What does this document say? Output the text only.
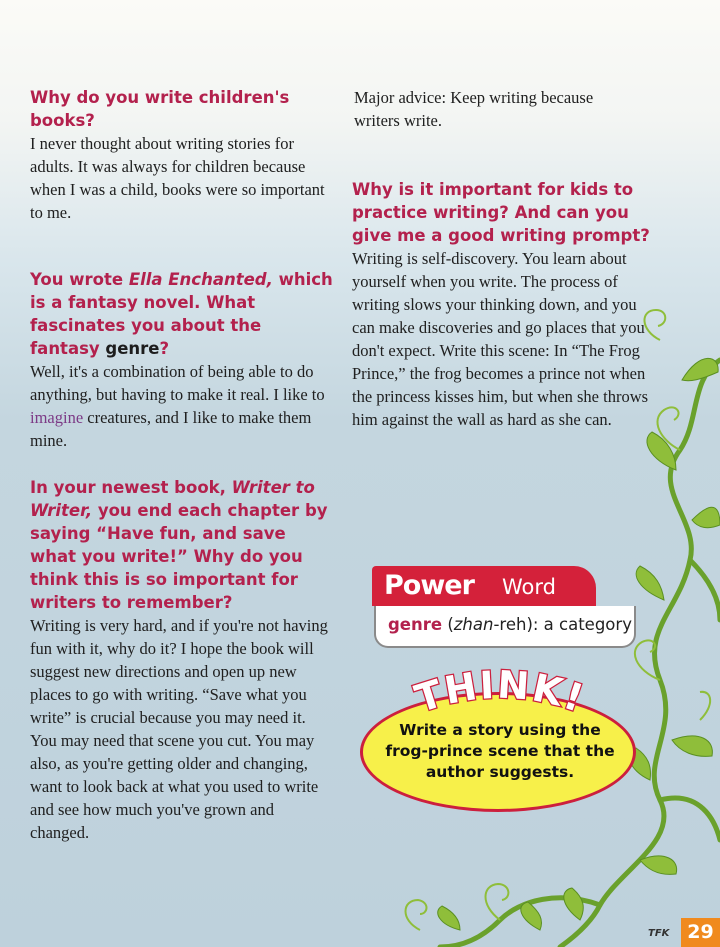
Why do you write children's books?

I never thought about writing stories for adults. It was always for children because when I was a child, books were so important to me.

You wrote Ella Enchanted, which is a fantasy novel. What fascinates you about the fantasy genre?

Well, it's a combination of being able to do anything, but having to make it real. I like to imagine creatures, and I like to make them mine.

In your newest book, Writer to Writer, you end each chapter by saying “Have fun, and save what you write!” Why do you think this is so important for writers to remember?

Writing is very hard, and if you're not having fun with it, why do it? I hope the book will suggest new directions and open up new places to go with writing. “Save what you write” is crucial because you may need it. You may need that scene you cut. You may also, as you're getting older and changing, want to look back at what you used to write and see how much you've grown and changed.

Major advice: Keep writing because writers write.

Why is it important for kids to practice writing? And can you give me a good writing prompt?

Writing is self-discovery. You learn about yourself when you write. The process of writing slows your thinking down, and you can make discoveries and go places that you don't expect. Write this scene: In “The Frog Prince,” the frog becomes a prince not when the princess kisses him, but when she throws him against the wall as hard as she can.

Power Word
genre (zhan-reh): a category
THINK!

Write a story using the frog-prince scene that the author suggests.

TFK 29
